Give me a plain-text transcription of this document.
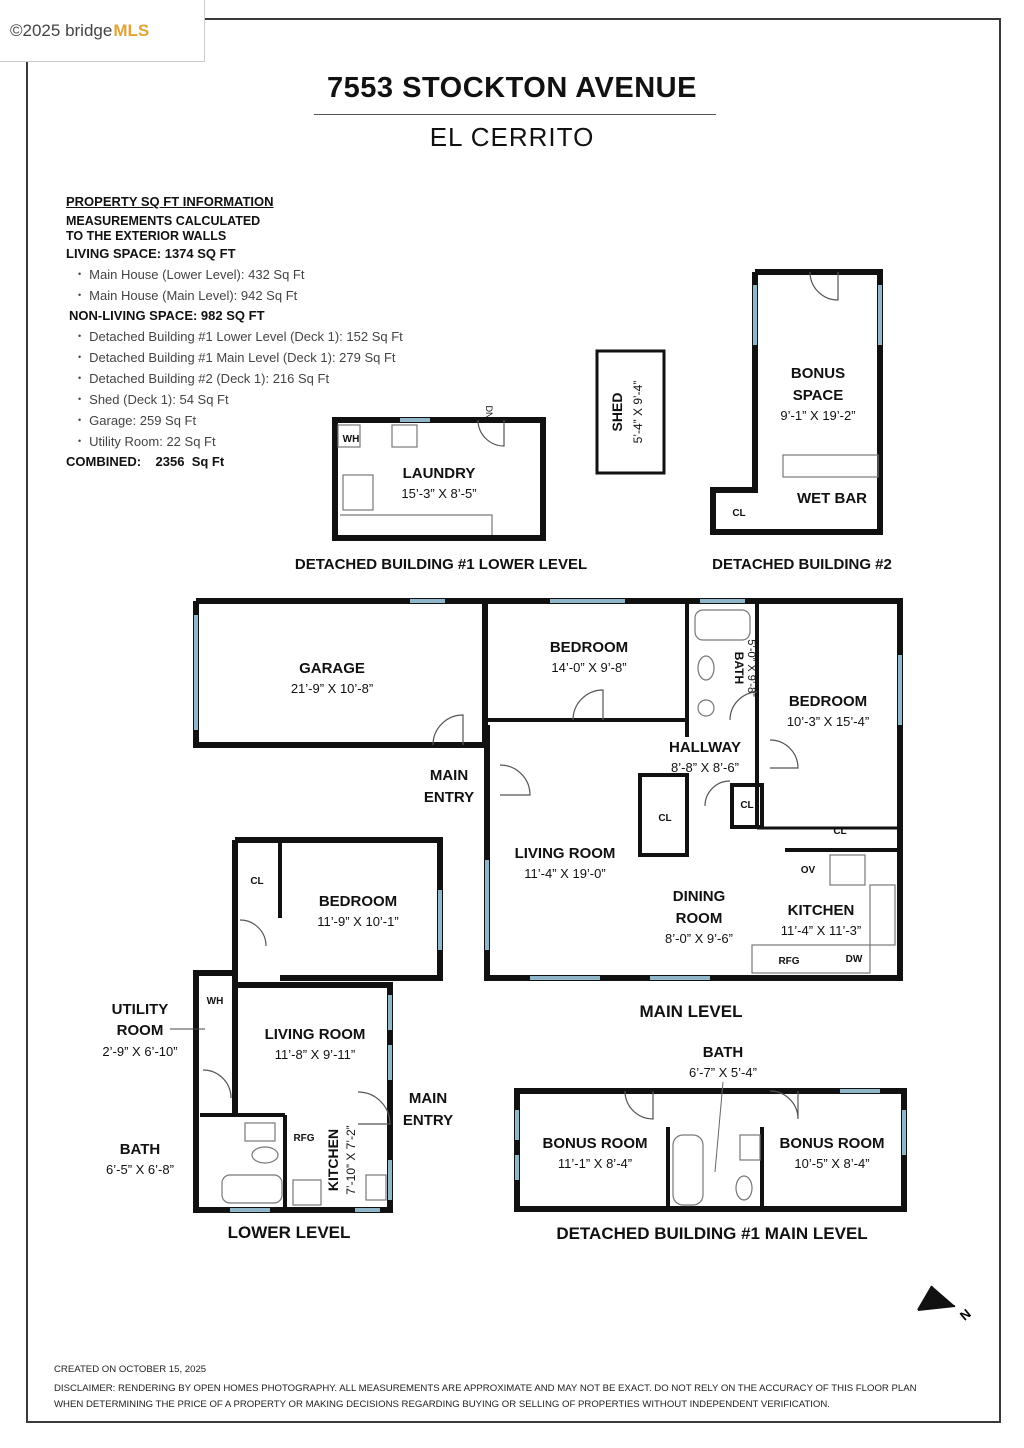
©2025 bridge MLS
7553 STOCKTON AVENUE
EL CERRITO
PROPERTY SQ FT INFORMATION
MEASUREMENTS CALCULATED
TO THE EXTERIOR WALLS
LIVING SPACE: 1374 SQ FT
• Main House (Lower Level): 432 Sq Ft
• Main House (Main Level): 942 Sq Ft
NON-LIVING SPACE: 982 SQ FT
• Detached Building #1 Lower Level (Deck 1): 152 Sq Ft
• Detached Building #1 Main Level (Deck 1): 279 Sq Ft
• Detached Building #2 (Deck 1): 216 Sq Ft
• Shed (Deck 1): 54 Sq Ft
• Garage: 259 Sq Ft
• Utility Room: 22 Sq Ft
COMBINED:    2356  Sq Ft
LAUNDRY
15’-3” X 8’-5”
WH
DN	SHED 5’-4” X 9’-4”
BONUS
SPACE
9’-1” X 19’-2”
WET BAR
CL
DETACHED BUILDING #1 LOWER LEVEL	DETACHED BUILDING #2
GARAGE
21’-9” X 10’-8”
BEDROOM
14’-0” X 9’-8”	BATH 5’-0” X 9’-8”
BEDROOM
10’-3” X 15’-4”
HALLWAY
8’-8” X 8’-6”
MAIN
ENTRY
CL
CL
CL
LIVING ROOM
11’-4” X 19’-0”
DINING
ROOM
8’-0” X 9’-6”
KITCHEN
11’-4” X 11’-3”
OV
RFG	DW
MAIN LEVEL
CL
BEDROOM
11’-9” X 10’-1”
UTILITY
ROOM
2’-9” X 6’-10”
WH
LIVING ROOM
11’-8” X 9’-11”
MAIN
ENTRY
BATH
6’-5” X 6’-8”
RFG KITCHEN 7’-10” X 7’-2”
LOWER LEVEL
BATH
6’-7” X 5’-4”
BONUS ROOM
11’-1” X 8’-4”
BONUS ROOM
10’-5” X 8’-4”
DETACHED BUILDING #1 MAIN LEVEL
N
CREATED ON OCTOBER 15, 2025
DISCLAIMER: RENDERING BY OPEN HOMES PHOTOGRAPHY. ALL MEASUREMENTS ARE APPROXIMATE AND MAY NOT BE EXACT. DO NOT RELY ON THE ACCURACY OF THIS FLOOR PLAN
WHEN DETERMINING THE PRICE OF A PROPERTY OR MAKING DECISIONS REGARDING BUYING OR SELLING OF PROPERTIES WITHOUT INDEPENDENT VERIFICATION.
